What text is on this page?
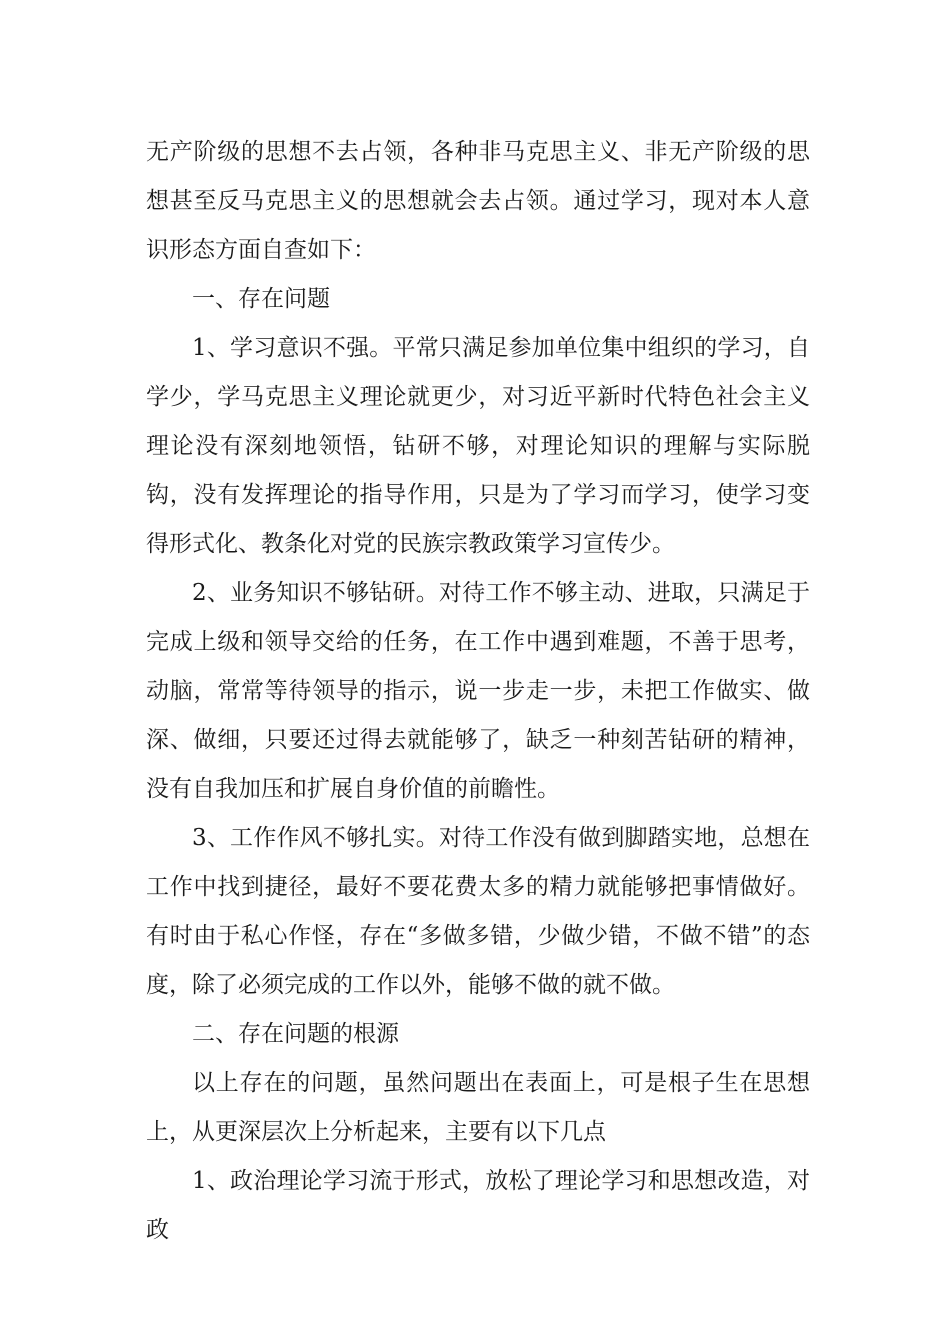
无产阶级的思想不去占领，各种非马克思主义、非无产阶级的思想甚至反马克思主义的思想就会去占领。通过学习，现对本人意识形态方面自查如下：

一、存在问题

1、学习意识不强。平常只满足参加单位集中组织的学习，自学少，学马克思主义理论就更少，对习近平新时代特色社会主义理论没有深刻地领悟，钻研不够，对理论知识的理解与实际脱钩，没有发挥理论的指导作用，只是为了学习而学习，使学习变得形式化、教条化对党的民族宗教政策学习宣传少。

2、业务知识不够钻研。对待工作不够主动、进取，只满足于完成上级和领导交给的任务，在工作中遇到难题，不善于思考，动脑，常常等待领导的指示，说一步走一步，未把工作做实、做深、做细，只要还过得去就能够了，缺乏一种刻苦钻研的精神，没有自我加压和扩展自身价值的前瞻性。

3、工作作风不够扎实。对待工作没有做到脚踏实地，总想在工作中找到捷径，最好不要花费太多的精力就能够把事情做好。有时由于私心作怪，存在“多做多错，少做少错，不做不错”的态度，除了必须完成的工作以外，能够不做的就不做。

二、存在问题的根源

以上存在的问题，虽然问题出在表面上，可是根子生在思想上，从更深层次上分析起来，主要有以下几点

1、政治理论学习流于形式，放松了理论学习和思想改造，对政
